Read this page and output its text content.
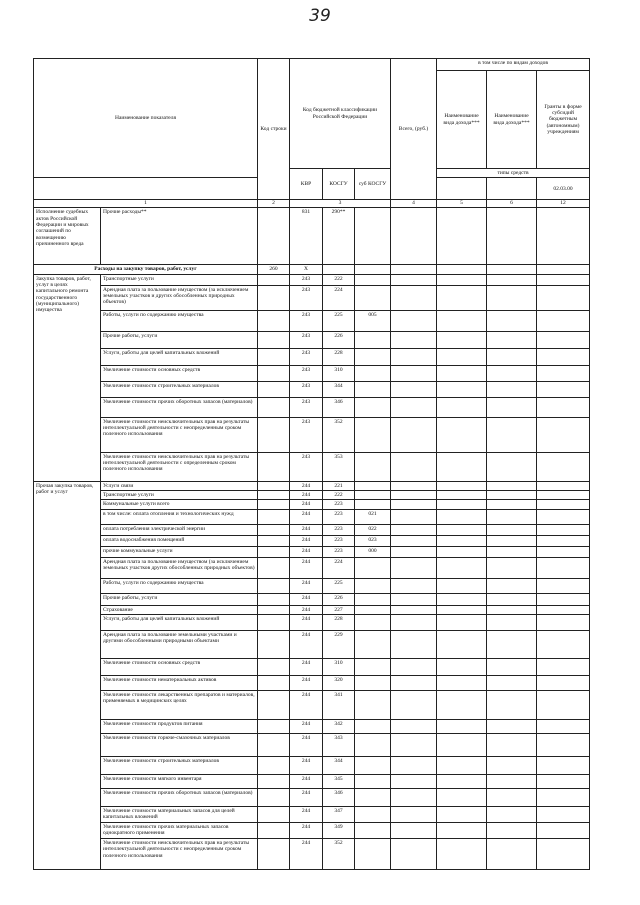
39
Наименование показателя		Код строки	Код бюджетной классификации Российской Федерации			Всего, (руб.)	в том числе по видам доходов		
							Наименование вида дохода***	Наименование вида дохода***	Гранты в форме субсидий бюджетным (автономным) учреждениям
			КВР	КОСГУ	суб КОСГУ		типы средств		
									02.03.00
1		2	3			4	5	6	12
Исполнение судебных актов Российской Федерации и мировых соглашений по возмещению причиненного вреда	Прочие расходы**		831	290**					
Расходы на закупку товаров, работ, услуг		260	X						
Закупка товаров, работ, услуг в целях капитального ремонта государственного (муниципального) имущества	Транспортные услуги		243	222					
	Арендная плата за пользование имуществом (за исключением земельных участков и других обособленных природных объектов)		243	224					
	Работы, услуги по содержанию имущества		243	225	005				
	Прочие работы, услуги		243	226					
	Услуги, работы для целей капитальных вложений		243	228					
	Увеличение стоимости основных средств		243	310					
	Увеличение стоимости строительных материалов		243	344					
	Увеличение стоимости прочих оборотных запасов (материалов)		243	346					
	Увеличение стоимости неисключительных прав на результаты интеллектуальной деятельности с неопределенным сроком полезного использования		243	352					
	Увеличение стоимости неисключительных прав на результаты интеллектуальной деятельности с определенным сроком полезного использования		243	353					
Прочая закупка товаров, работ и услуг	Услуги связи		244	221					
	Транспортные услуги		244	222					
	Коммунальные услуги всего		244	223					
	в том числе: оплата отопления и технологических нужд		244	223	021				
	оплата потребления электрической энергии		244	223	022				
	оплата водоснабжения помещений		244	223	023				
	прочие коммунальные услуги		244	223	000				
	Арендная плата за пользование имуществом (за исключением земельных участков других обособленных природных объектов)		244	224					
	Работы, услуги по содержанию имущества		244	225					
	Прочие работы, услуги		244	226					
	Страхование		244	227					
	Услуги, работы для целей капитальных вложений		244	228					
	Арендная плата за пользование земельными участками и другими обособленными природными объектами		244	229					
	Увеличение стоимости основных средств		244	310					
	Увеличение стоимости нематериальных активов		244	320					
	Увеличение стоимости лекарственных препаратов и материалов, применяемых в медицинских целях		244	341					
	Увеличение стоимости продуктов питания		244	342					
	Увеличение стоимости горюче-смазочных материалов		244	343					
	Увеличение стоимости строительных материалов		244	344					
	Увеличение стоимости мягкого инвентаря		244	345					
	Увеличение стоимости прочих оборотных запасов (материалов)		244	346					
	Увеличение стоимости материальных запасов для целей капитальных вложений		244	347					
	Увеличение стоимости прочих материальных запасов однократного применения		244	349					
	Увеличение стоимости неисключительных прав на результаты интеллектуальной деятельности с неопределенным сроком полезного использования		244	352					
